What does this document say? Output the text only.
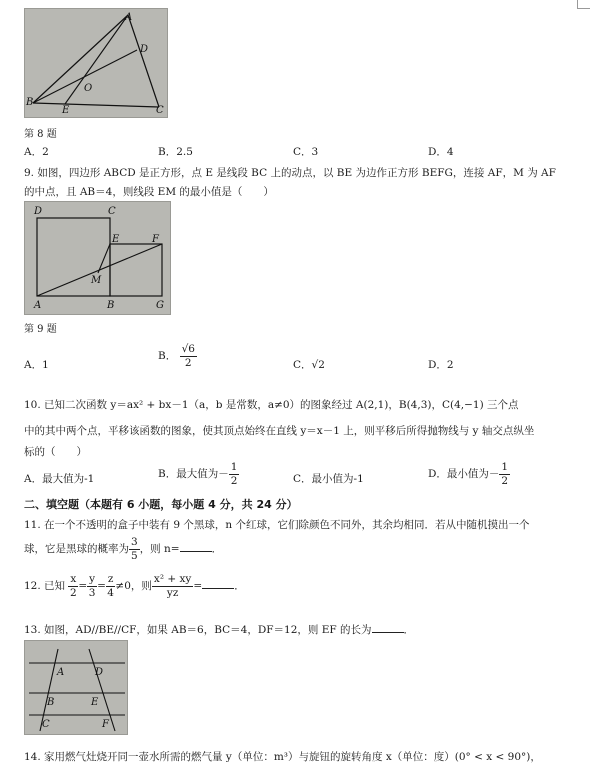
A
D
O
B
E	C
第 8 题
A．2	B．2.5	C．3	D．4
9. 如图，四边形 ABCD 是正方形，点 E 是线段 BC 上的动点，以 BE 为边作正方形 BEFG，连接 AF，M 为 AF
的中点，且 AB＝4，则线段 EM 的最小值是（　　）
D	C
E	F
M
A	B	G
第 9 题
A．1
B． $\frac{√6}{2}$	C．√2	D．2
10. 已知二次函数 y＝ax² + bx－1（a，b 是常数，a≠0）的图象经过 A(2,1)，B(4,3)，C(4,−1) 三个点
中的其中两个点，平移该函数的图象，使其顶点始终在直线 y＝x－1 上，则平移后所得抛物线与 y 轴交点纵坐
标的（　　）
A．最大值为-1	B．最大值为－ $\frac{1}{2}$	C．最小值为-1	D．最小值为－ $\frac{1}{2}$
二、填空题（本题有 6 小题，每小题 4 分，共 24 分）
11. 在一个不透明的盒子中装有 9 个黑球，n 个红球，它们除颜色不同外，其余均相同．若从中随机摸出一个
球，它是黑球的概率为 $\frac{3}{5}$ ，则 n=	．
12. 已知 $\frac{x}{2} = \frac{y}{3} = \frac{z}{4} \ne 0$，则 $\frac{\text{x² + xy}}{yz}$ =	．
13. 如图，AD//BE//CF，如果 AB＝6，BC＝4，DF＝12，则 EF 的长为	．
A	D
B	E
C	F
14. 家用燃气灶烧开同一壶水所需的燃气量 y（单位：m³）与旋钮的旋转角度 x（单位：度）(0° < x < 90°)，
